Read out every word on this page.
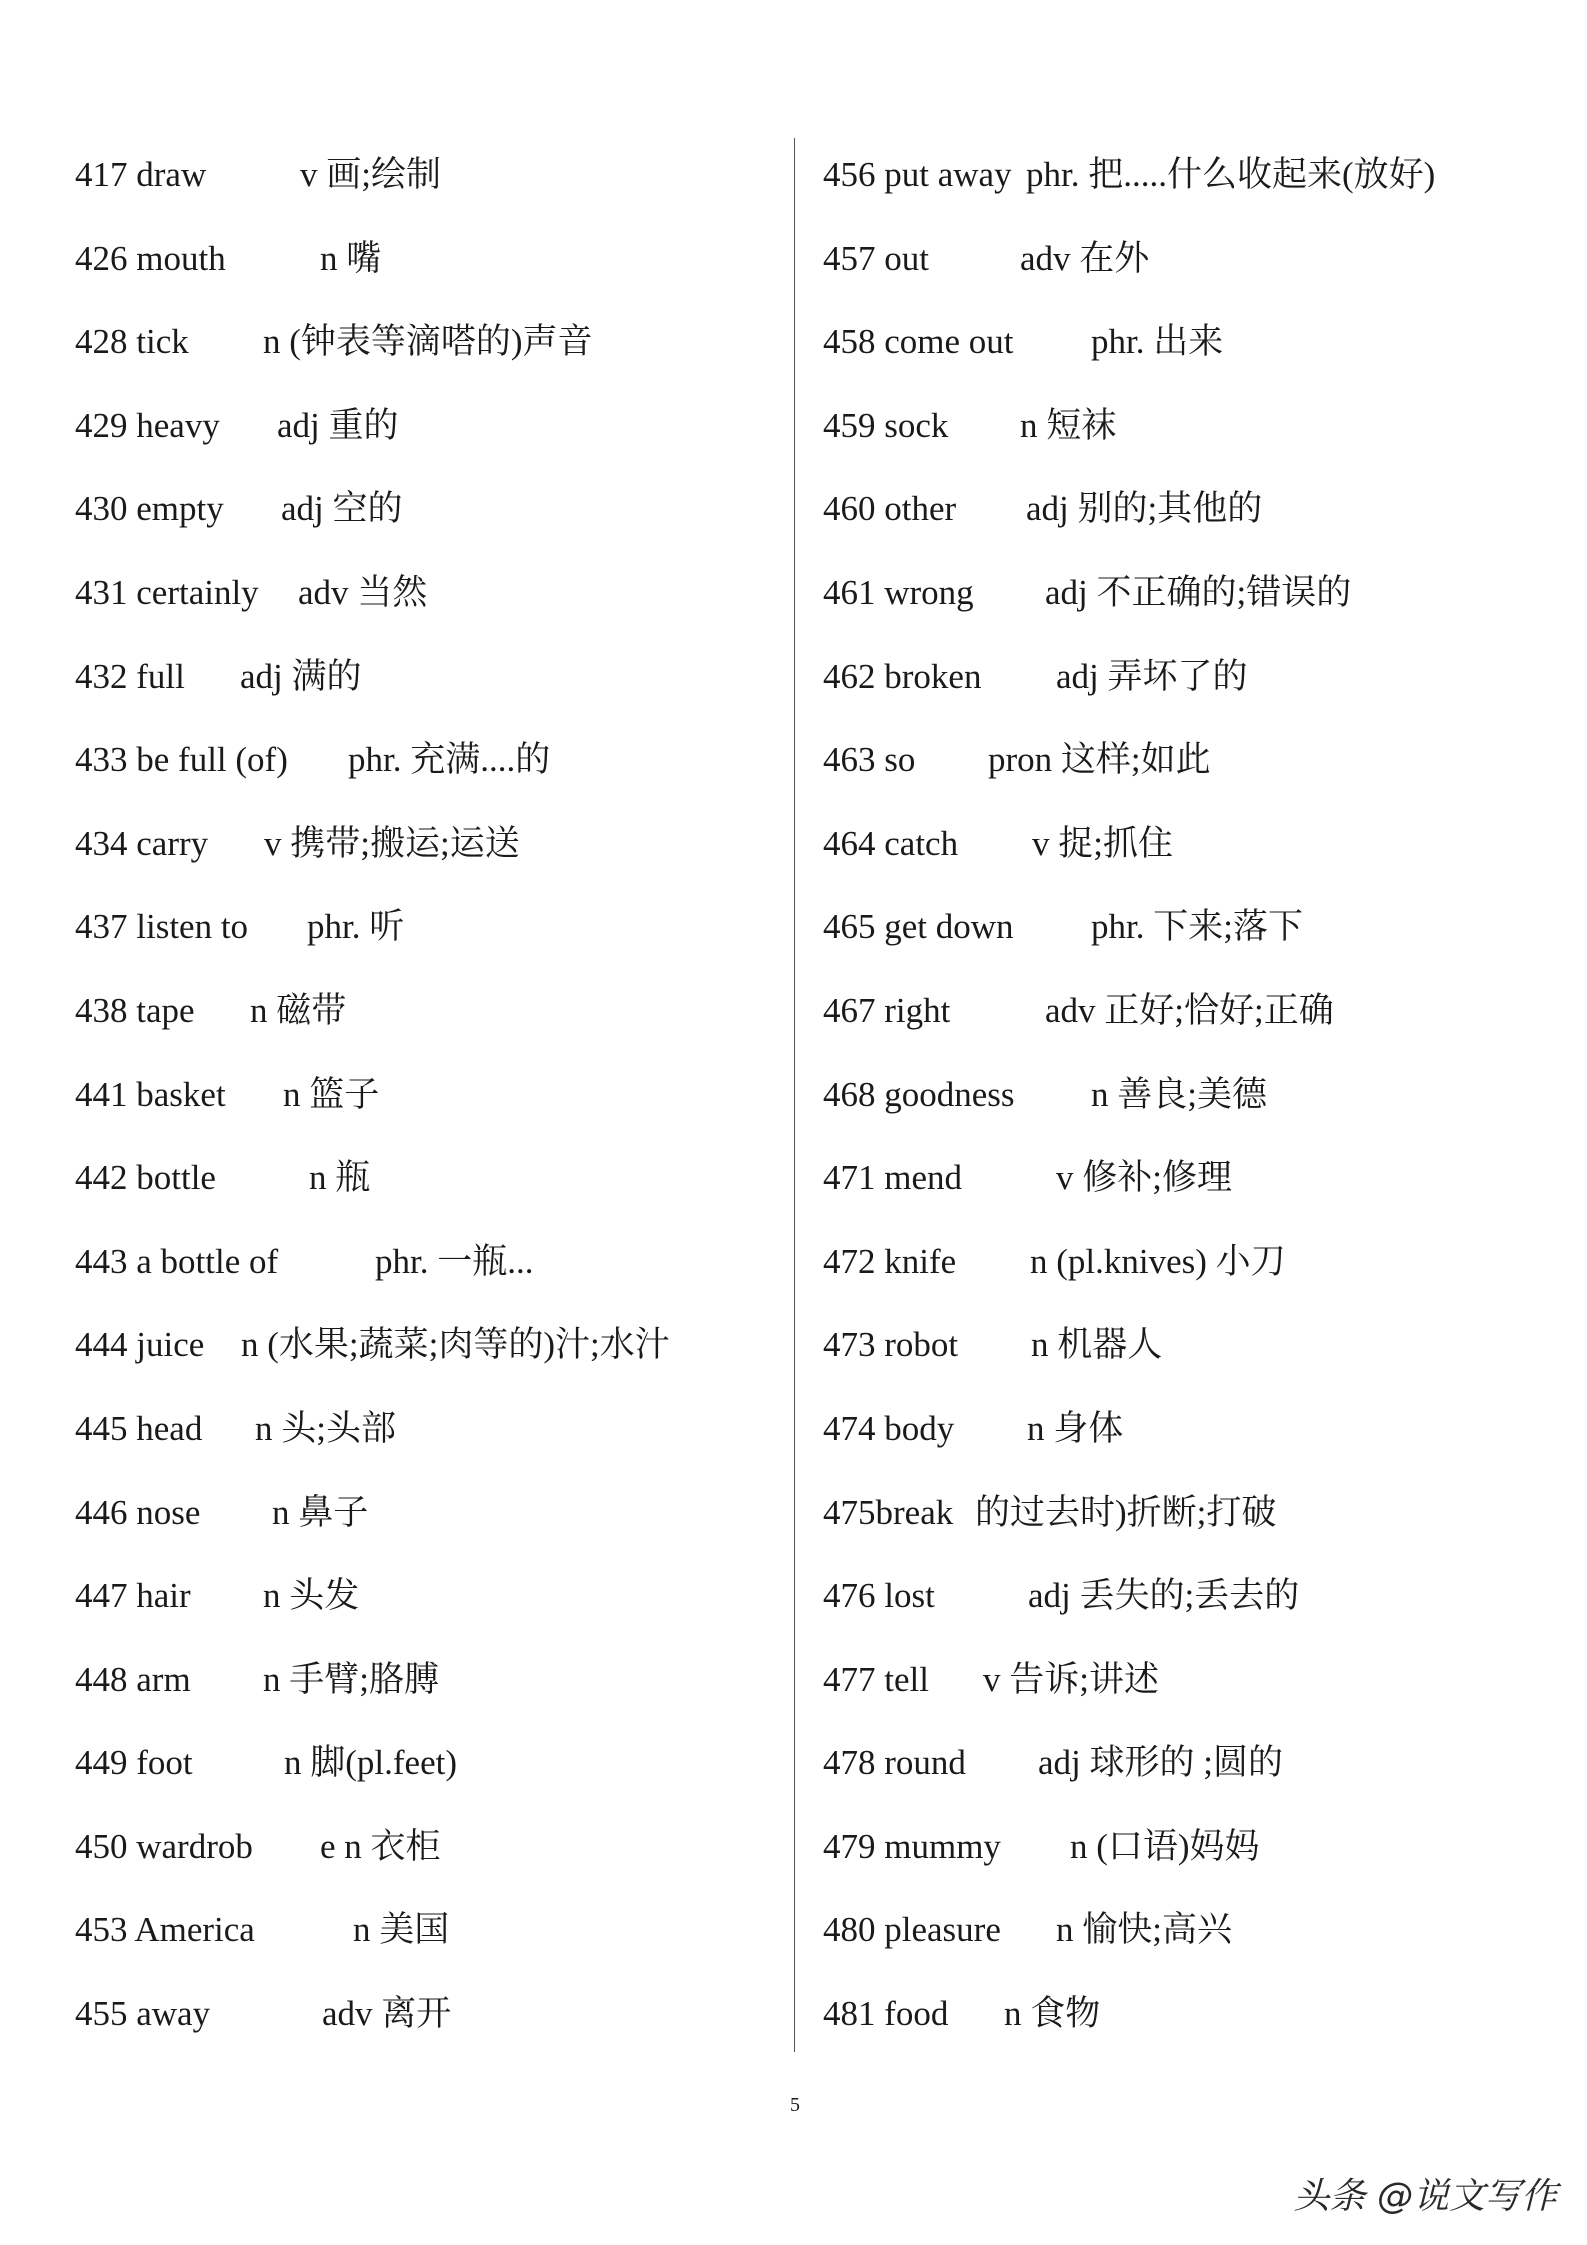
417 draw	v 画;绘制
426 mouth	n 嘴
428 tick n (钟表等滴嗒的)声音
429 heavy adj 重的
430 empty adj 空的
431 certainly adv 当然
432 full adj 满的
433 be full (of) phr. 充满....的
434 carry v 携带;搬运;运送
437 listen to phr. 听
438 tape n 磁带
441 basket n 篮子
442 bottle	n 瓶
443 a bottle of	phr. 一瓶...
444 juice n (水果;蔬菜;肉等的)汁;水汁
445 head n 头;头部
446 nose n 鼻子
447 hair n 头发
448 arm n 手臂;胳膊
449 foot	n 脚(pl.feet)
450 wardrob e n 衣柜
453 America	n 美国
455 away	adv 离开
456 put away phr. 把.....什么收起来(放好)
457 out	adv 在外
458 come out phr. 出来
459 sock n 短袜
460 other adj 别的;其他的
461 wrong adj 不正确的;错误的
462 broken adj 弄坏了的
463 so pron 这样;如此
464 catch v 捉;抓住
465 get down phr. 下来;落下
467 right	adv 正好;恰好;正确
468 goodness n 善良;美德
471 mend	v 修补;修理
472 knife n (pl.knives) 小刀
473 robot n 机器人
474 body n 身体
475break 的过去时)折断;打破
476 lost	adj 丢失的;丢去的
477 tell v 告诉;讲述
478 round adj 球形的 ;圆的
479 mummy n (口语)妈妈
480 pleasure n 愉快;高兴
481 food n 食物
5
头条 @说文写作
